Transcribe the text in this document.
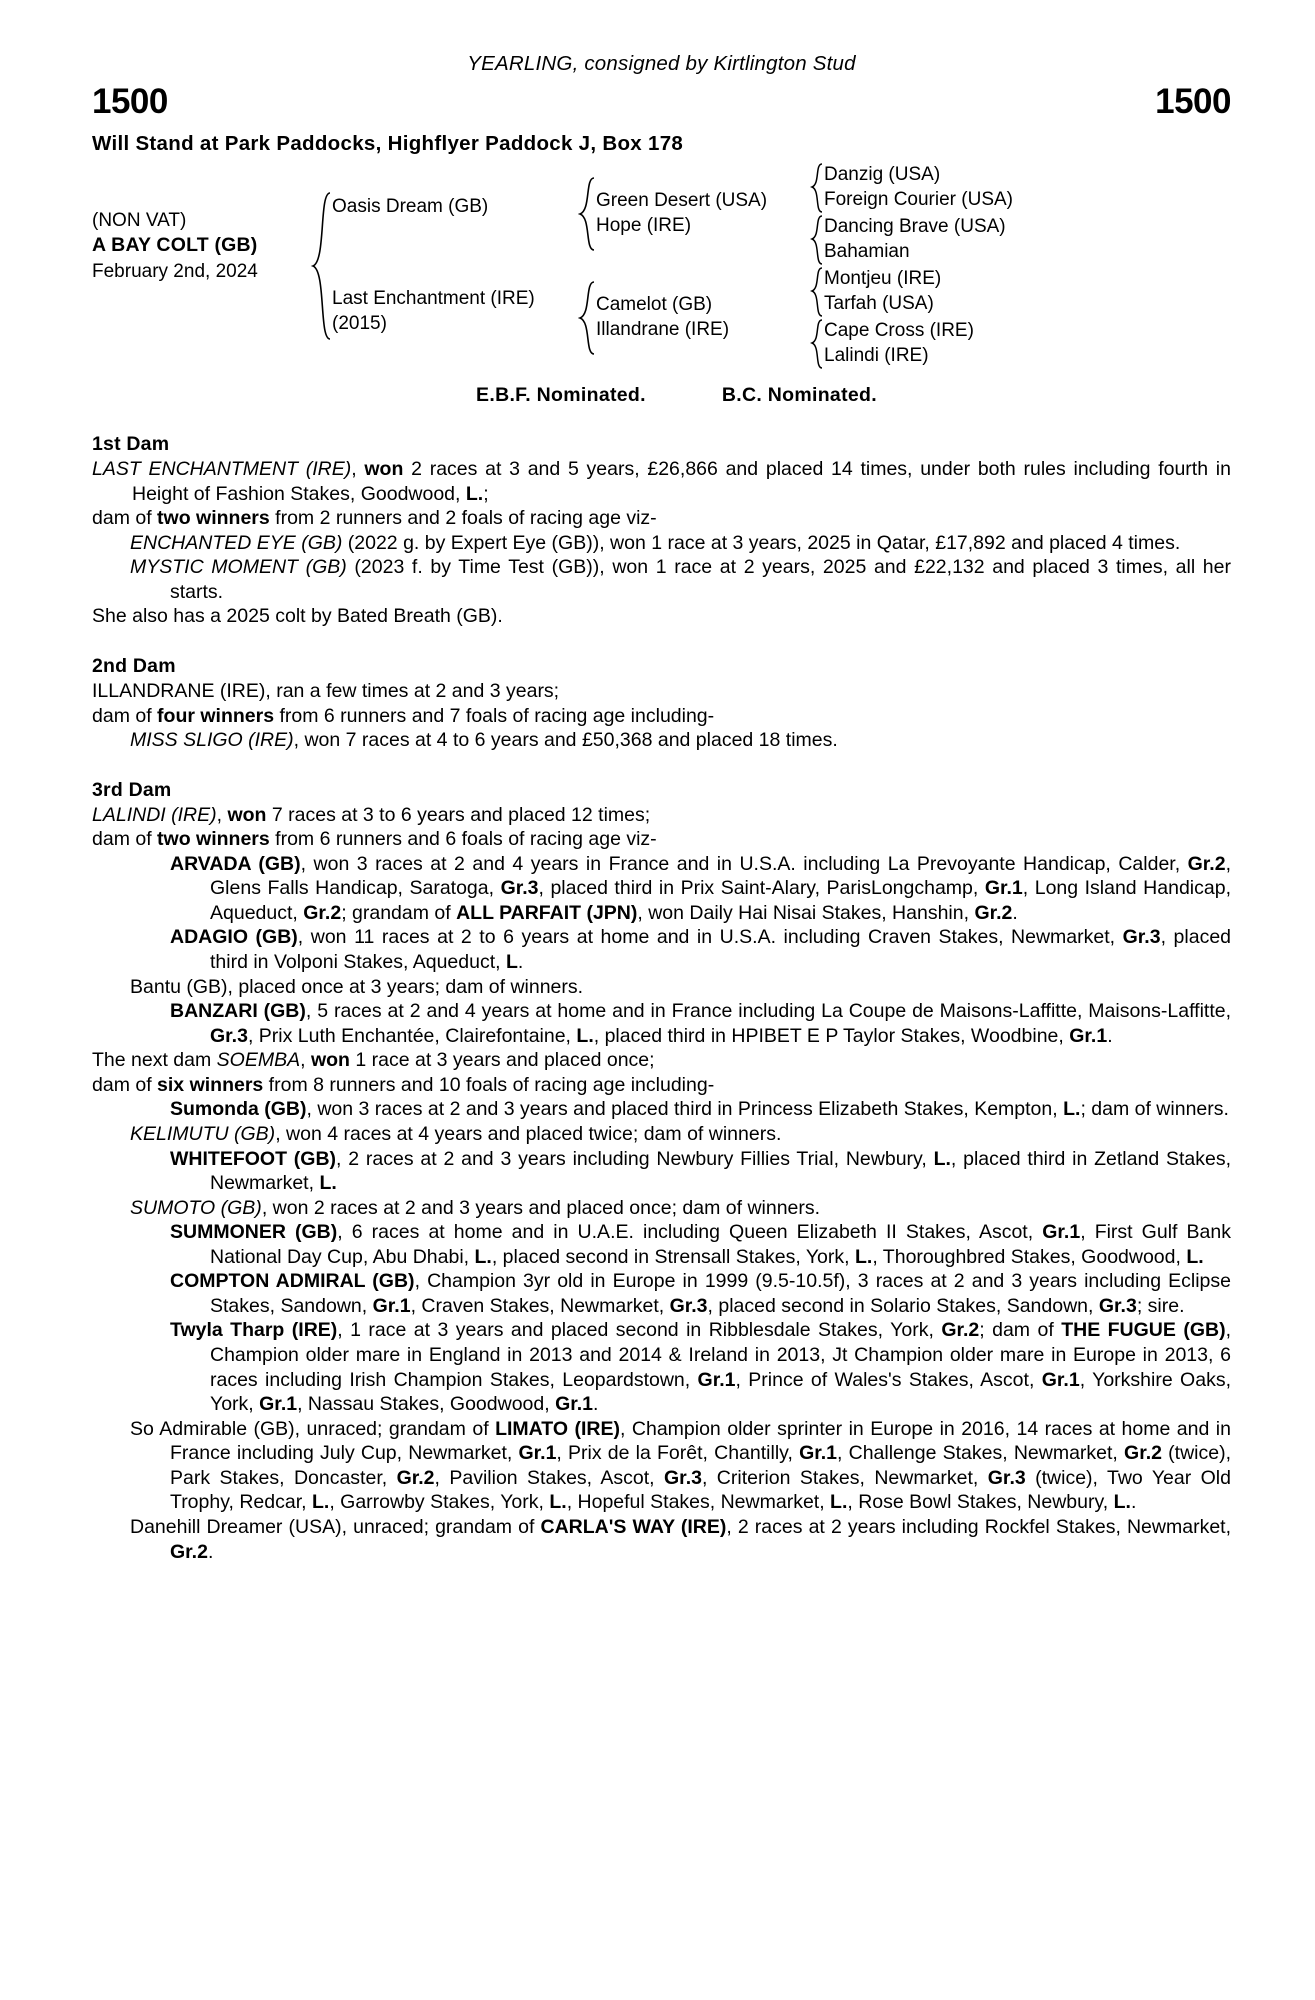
YEARLING, consigned by Kirtlington Stud
1500	1500
Will Stand at Park Paddocks, Highflyer Paddock J, Box 178
(NON VAT)
A BAY COLT (GB)
February 2nd, 2024
Oasis Dream (GB)
Last Enchantment (IRE)
(2015)
Green Desert (USA)
Hope (IRE)
Camelot (GB)
Illandrane (IRE)
Danzig (USA)
Foreign Courier (USA)
Dancing Brave (USA)
Bahamian
Montjeu (IRE)
Tarfah (USA)
Cape Cross (IRE)
Lalindi (IRE)
E.B.F. Nominated.	B.C. Nominated.
1st Dam

LAST ENCHANTMENT (IRE), won 2 races at 3 and 5 years, £26,866 and placed 14 times, under both rules including fourth in Height of Fashion Stakes, Goodwood, L.;

dam of two winners from 2 runners and 2 foals of racing age viz-

ENCHANTED EYE (GB) (2022 g. by Expert Eye (GB)), won 1 race at 3 years, 2025 in Qatar, £17,892 and placed 4 times.

MYSTIC MOMENT (GB) (2023 f. by Time Test (GB)), won 1 race at 2 years, 2025 and £22,132 and placed 3 times, all her starts.

She also has a 2025 colt by Bated Breath (GB).

2nd Dam

ILLANDRANE (IRE), ran a few times at 2 and 3 years;

dam of four winners from 6 runners and 7 foals of racing age including-

MISS SLIGO (IRE), won 7 races at 4 to 6 years and £50,368 and placed 18 times.

3rd Dam

LALINDI (IRE), won 7 races at 3 to 6 years and placed 12 times;

dam of two winners from 6 runners and 6 foals of racing age viz-

ARVADA (GB), won 3 races at 2 and 4 years in France and in U.S.A. including La Prevoyante Handicap, Calder, Gr.2, Glens Falls Handicap, Saratoga, Gr.3, placed third in Prix Saint-Alary, ParisLongchamp, Gr.1, Long Island Handicap, Aqueduct, Gr.2; grandam of ALL PARFAIT (JPN), won Daily Hai Nisai Stakes, Hanshin, Gr.2.

ADAGIO (GB), won 11 races at 2 to 6 years at home and in U.S.A. including Craven Stakes, Newmarket, Gr.3, placed third in Volponi Stakes, Aqueduct, L.

Bantu (GB), placed once at 3 years; dam of winners.

BANZARI (GB), 5 races at 2 and 4 years at home and in France including La Coupe de Maisons-Laffitte, Maisons-Laffitte, Gr.3, Prix Luth Enchantée, Clairefontaine, L., placed third in HPIBET E P Taylor Stakes, Woodbine, Gr.1.

The next dam SOEMBA, won 1 race at 3 years and placed once;

dam of six winners from 8 runners and 10 foals of racing age including-

Sumonda (GB), won 3 races at 2 and 3 years and placed third in Princess Elizabeth Stakes, Kempton, L.; dam of winners.

KELIMUTU (GB), won 4 races at 4 years and placed twice; dam of winners.

WHITEFOOT (GB), 2 races at 2 and 3 years including Newbury Fillies Trial, Newbury, L., placed third in Zetland Stakes, Newmarket, L.

SUMOTO (GB), won 2 races at 2 and 3 years and placed once; dam of winners.

SUMMONER (GB), 6 races at home and in U.A.E. including Queen Elizabeth II Stakes, Ascot, Gr.1, First Gulf Bank National Day Cup, Abu Dhabi, L., placed second in Strensall Stakes, York, L., Thoroughbred Stakes, Goodwood, L.

COMPTON ADMIRAL (GB), Champion 3yr old in Europe in 1999 (9.5-10.5f), 3 races at 2 and 3 years including Eclipse Stakes, Sandown, Gr.1, Craven Stakes, Newmarket, Gr.3, placed second in Solario Stakes, Sandown, Gr.3; sire.

Twyla Tharp (IRE), 1 race at 3 years and placed second in Ribblesdale Stakes, York, Gr.2; dam of THE FUGUE (GB), Champion older mare in England in 2013 and 2014 & Ireland in 2013, Jt Champion older mare in Europe in 2013, 6 races including Irish Champion Stakes, Leopardstown, Gr.1, Prince of Wales's Stakes, Ascot, Gr.1, Yorkshire Oaks, York, Gr.1, Nassau Stakes, Goodwood, Gr.1.

So Admirable (GB), unraced; grandam of LIMATO (IRE), Champion older sprinter in Europe in 2016, 14 races at home and in France including July Cup, Newmarket, Gr.1, Prix de la Forêt, Chantilly, Gr.1, Challenge Stakes, Newmarket, Gr.2 (twice), Park Stakes, Doncaster, Gr.2, Pavilion Stakes, Ascot, Gr.3, Criterion Stakes, Newmarket, Gr.3 (twice), Two Year Old Trophy, Redcar, L., Garrowby Stakes, York, L., Hopeful Stakes, Newmarket, L., Rose Bowl Stakes, Newbury, L..

Danehill Dreamer (USA), unraced; grandam of CARLA'S WAY (IRE), 2 races at 2 years including Rockfel Stakes, Newmarket, Gr.2.
